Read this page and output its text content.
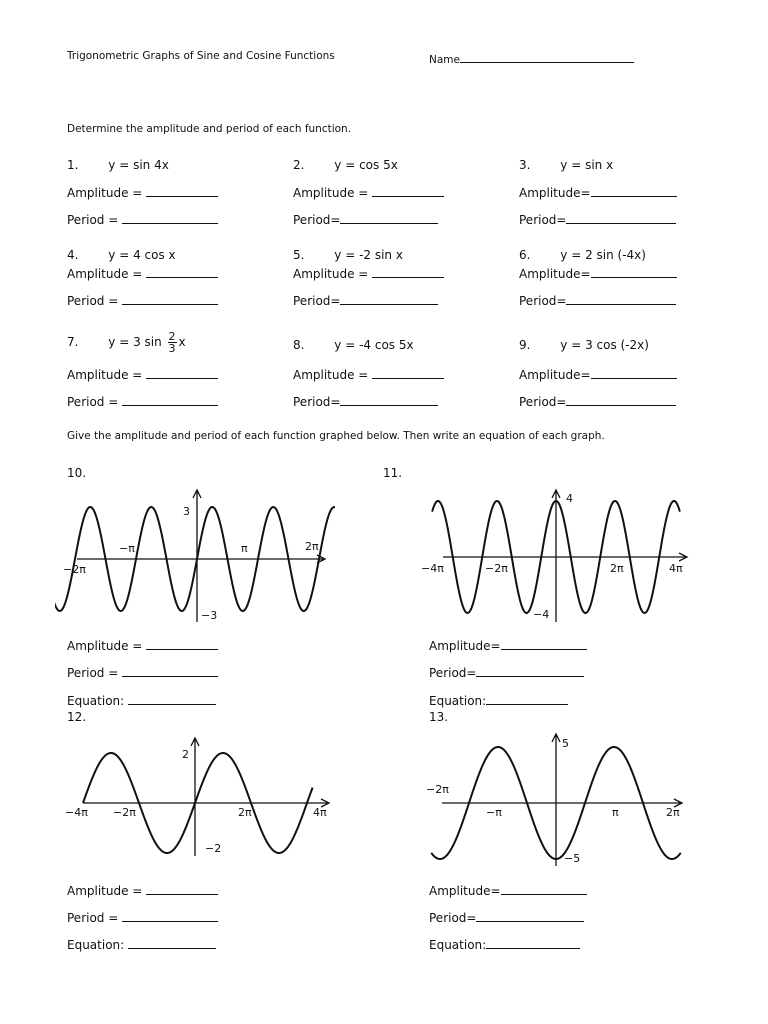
Trigonometric Graphs of Sine and Cosine Functions	Name
Determine the amplitude and period of each function.
1. y = sin 4x
Amplitude =
Period =
2. y = cos 5x
Amplitude =
Period=
3. y = sin x
Amplitude=
Period=
4. y = 4 cos x
Amplitude =
Period =
5. y = -2 sin x
Amplitude =
Period=
6. y = 2 sin (-4x)
Amplitude=
Period=
7. y = 3 $\sin \frac{2}{3}$ x
Amplitude =
Period =
8. y = -4 cos 5x
Amplitude =
Period=
9. y = 3 cos (-2x)
Amplitude=
Period=
Give the amplitude and period of each function graphed below. Then write an equation of each graph.
10.
−2π
−π	π	2π
3
−3
Amplitude =
Period =
Equation:
11.
−4π	−2π	2π	4π
4
−4
Amplitude=
Period=
Equation:
12.
−4π −2π	2π	4π
2
−2
Amplitude =
Period =
Equation:
13.
−2π
−π	π	2π
5
−5
Amplitude=
Period=
Equation:
